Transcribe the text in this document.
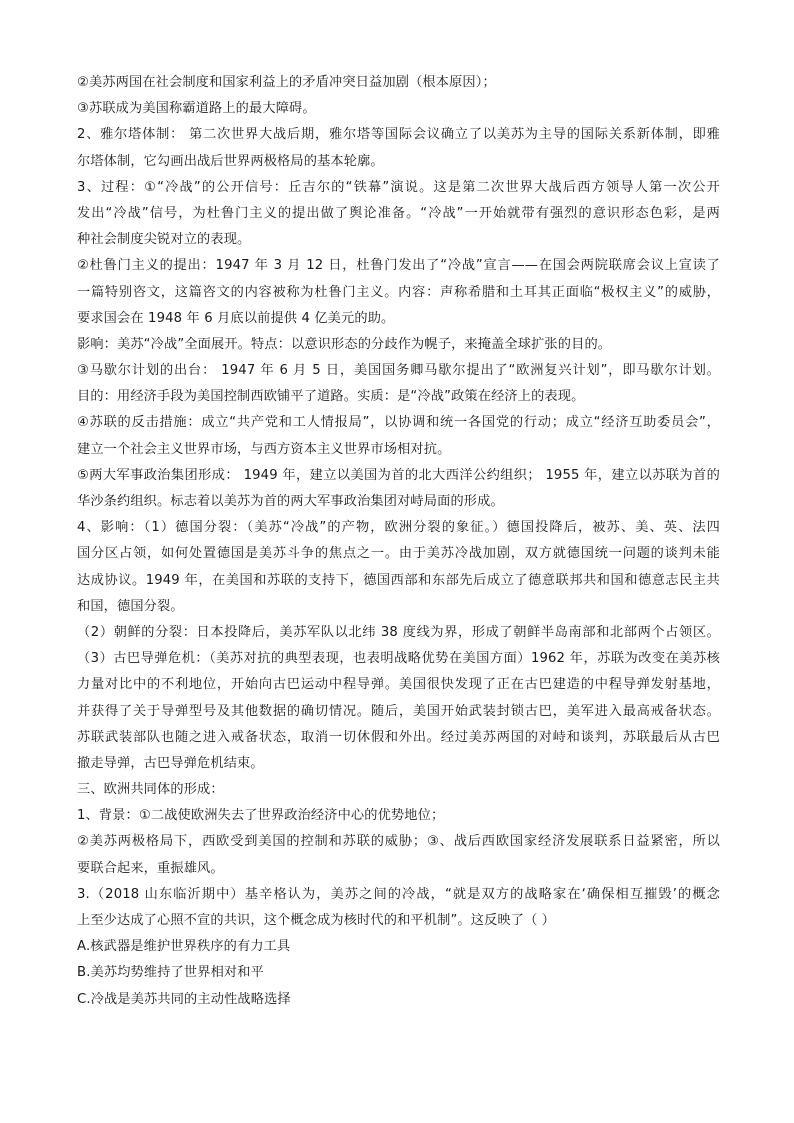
②美苏两国在社会制度和国家利益上的矛盾冲突日益加剧（根本原因）；
③苏联成为美国称霸道路上的最大障碍。
2、雅尔塔体制： 第二次世界大战后期，雅尔塔等国际会议确立了以美苏为主导的国际关系新体制，即雅
尔塔体制，它勾画出战后世界两极格局的基本轮廓。
3、过程：①“冷战”的公开信号：丘吉尔的“铁幕”演说。这是第二次世界大战后西方领导人第一次公开
发出“冷战”信号，为杜鲁门主义的提出做了舆论准备。“冷战”一开始就带有强烈的意识形态色彩，是两
种社会制度尖锐对立的表现。
②杜鲁门主义的提出：1947 年 3 月 12 日，杜鲁门发出了“冷战”宣言——在国会两院联席会议上宣读了
一篇特别咨文，这篇咨文的内容被称为杜鲁门主义。内容：声称希腊和土耳其正面临“极权主义”的威胁，
要求国会在 1948 年 6 月底以前提供 4 亿美元的助。
影响：美苏“冷战”全面展开。特点：以意识形态的分歧作为幌子，来掩盖全球扩张的目的。
③马歇尔计划的出台： 1947 年 6 月 5 日，美国国务卿马歇尔提出了“欧洲复兴计划”，即马歇尔计划。
目的：用经济手段为美国控制西欧铺平了道路。实质：是“冷战”政策在经济上的表现。
④苏联的反击措施：成立“共产党和工人情报局”，以协调和统一各国党的行动；成立“经济互助委员会”，
建立一个社会主义世界市场，与西方资本主义世界市场相对抗。
⑤两大军事政治集团形成： 1949 年，建立以美国为首的北大西洋公约组织； 1955 年，建立以苏联为首的
华沙条约组织。标志着以美苏为首的两大军事政治集团对峙局面的形成。
4、影响：（1）德国分裂：（美苏“冷战”的产物，欧洲分裂的象征。）德国投降后，被苏、美、英、法四
国分区占领，如何处置德国是美苏斗争的焦点之一。由于美苏冷战加剧，双方就德国统一问题的谈判未能
达成协议。1949 年，在美国和苏联的支持下，德国西部和东部先后成立了德意联邦共和国和德意志民主共
和国，德国分裂。
（2）朝鲜的分裂：日本投降后，美苏军队以北纬 38 度线为界，形成了朝鲜半岛南部和北部两个占领区。
（3）古巴导弹危机：（美苏对抗的典型表现，也表明战略优势在美国方面）1962 年，苏联为改变在美苏核
力量对比中的不利地位，开始向古巴运动中程导弹。美国很快发现了正在古巴建造的中程导弹发射基地，
并获得了关于导弹型号及其他数据的确切情况。随后，美国开始武装封锁古巴，美军进入最高戒备状态。
苏联武装部队也随之进入戒备状态，取消一切休假和外出。经过美苏两国的对峙和谈判，苏联最后从古巴
撤走导弹，古巴导弹危机结束。
三、欧洲共同体的形成：
1、背景：①二战使欧洲失去了世界政治经济中心的优势地位；
②美苏两极格局下，西欧受到美国的控制和苏联的威胁；③、战后西欧国家经济发展联系日益紧密，所以
要联合起来，重振雄风。
3.（2018 山东临沂期中）基辛格认为，美苏之间的冷战，“就是双方的战略家在‘确保相互摧毁’的概念
上至少达成了心照不宣的共识，这个概念成为核时代的和平机制”。这反映了（ ）
A.核武器是维护世界秩序的有力工具
B.美苏均势维持了世界相对和平
C.冷战是美苏共同的主动性战略选择
